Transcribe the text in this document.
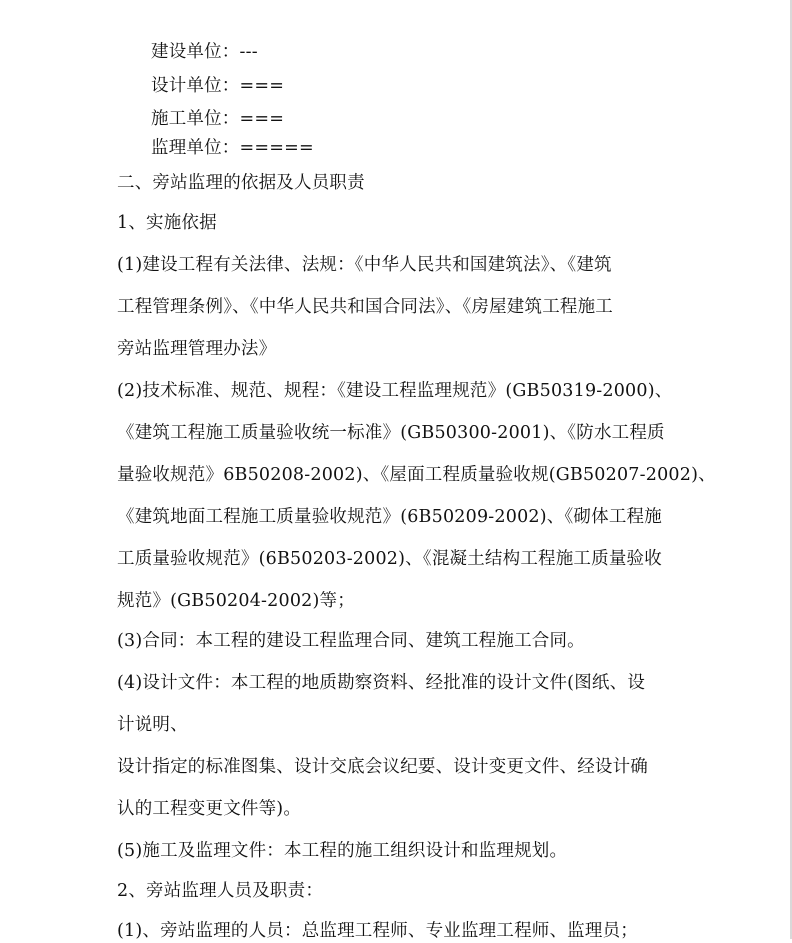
建设单位：---
设计单位：===
施工单位：===
监理单位：=====
二、旁站监理的依据及人员职责
1、实施依据
(1)建设工程有关法律、法规：《中华人民共和国建筑法》、《建筑
工程管理条例》、《中华人民共和国合同法》、《房屋建筑工程施工
旁站监理管理办法》
(2)技术标准、规范、规程：《建设工程监理规范》(GB50319-2000)、
《建筑工程施工质量验收统一标准》(GB50300-2001)、《防水工程质
量验收规范》6B50208-2002)、《屋面工程质量验收规(GB50207-2002)、
《建筑地面工程施工质量验收规范》(6B50209-2002)、《砌体工程施
工质量验收规范》(6B50203-2002)、《混凝土结构工程施工质量验收
规范》(GB50204-2002)等；
(3)合同：本工程的建设工程监理合同、建筑工程施工合同。
(4)设计文件：本工程的地质勘察资料、经批准的设计文件(图纸、设
计说明、
设计指定的标准图集、设计交底会议纪要、设计变更文件、经设计确
认的工程变更文件等)。
(5)施工及监理文件：本工程的施工组织设计和监理规划。
2、旁站监理人员及职责：
(1)、旁站监理的人员：总监理工程师、专业监理工程师、监理员；
